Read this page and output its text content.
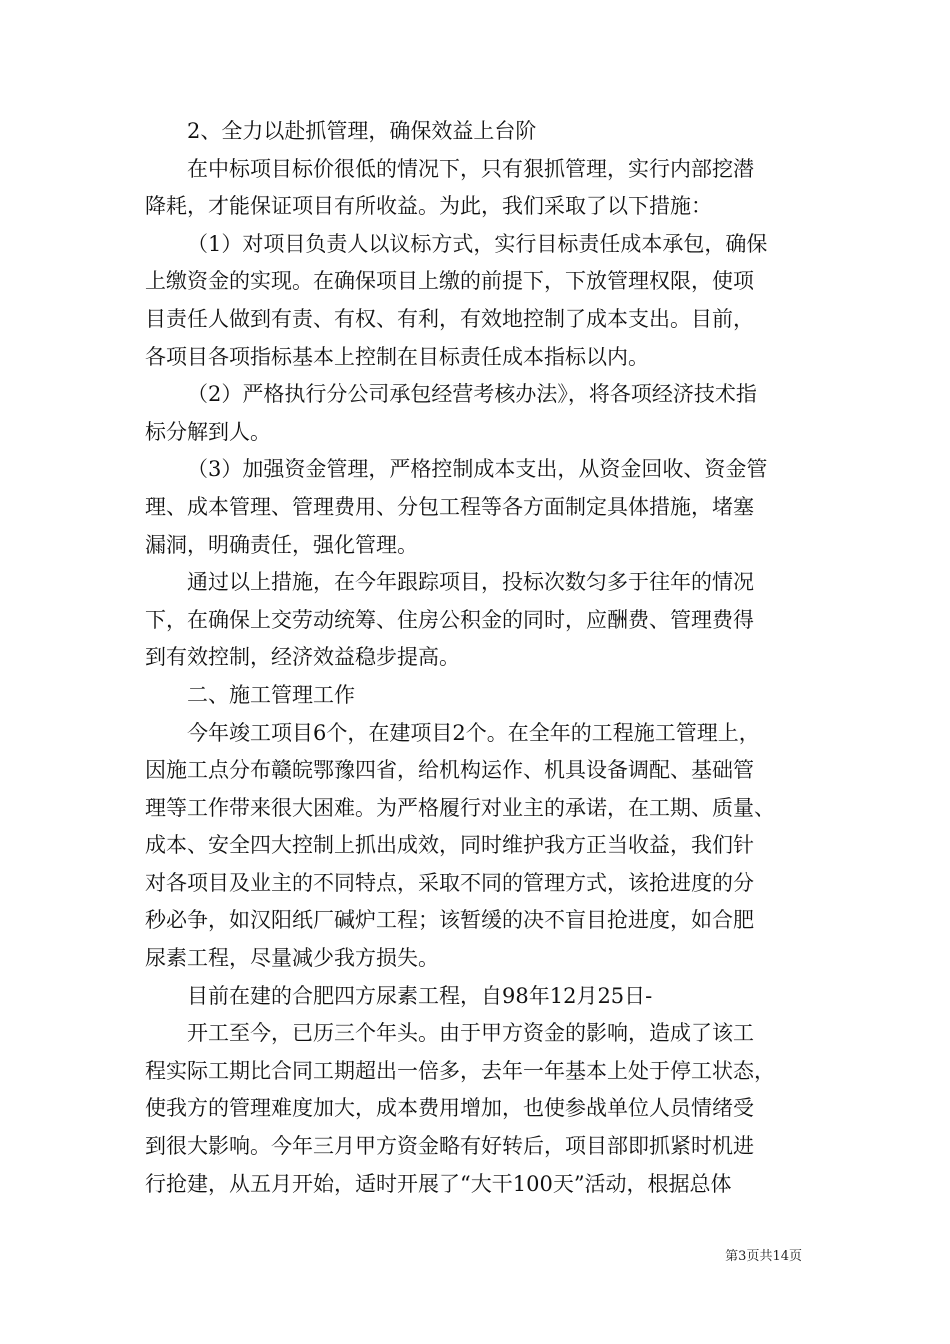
2、全力以赴抓管理，确保效益上台阶
在中标项目标价很低的情况下，只有狠抓管理，实行内部挖潜
降耗，才能保证项目有所收益。为此，我们采取了以下措施：
（1）对项目负责人以议标方式，实行目标责任成本承包，确保
上缴资金的实现。在确保项目上缴的前提下，下放管理权限，使项
目责任人做到有责、有权、有利，有效地控制了成本支出。目前，
各项目各项指标基本上控制在目标责任成本指标以内。
（2）严格执行分公司承包经营考核办法》，将各项经济技术指
标分解到人。
（3）加强资金管理，严格控制成本支出，从资金回收、资金管
理、成本管理、管理费用、分包工程等各方面制定具体措施，堵塞
漏洞，明确责任，强化管理。
通过以上措施，在今年跟踪项目，投标次数匀多于往年的情况
下，在确保上交劳动统筹、住房公积金的同时，应酬费、管理费得
到有效控制，经济效益稳步提高。
二、施工管理工作
今年竣工项目6个，在建项目2个。在全年的工程施工管理上，
因施工点分布赣皖鄂豫四省，给机构运作、机具设备调配、基础管
理等工作带来很大困难。为严格履行对业主的承诺，在工期、质量、
成本、安全四大控制上抓出成效，同时维护我方正当收益，我们针
对各项目及业主的不同特点，采取不同的管理方式，该抢进度的分
秒必争，如汉阳纸厂碱炉工程；该暂缓的决不盲目抢进度，如合肥
尿素工程，尽量减少我方损失。
目前在建的合肥四方尿素工程，自98年12月25日-
开工至今，已历三个年头。由于甲方资金的影响，造成了该工
程实际工期比合同工期超出一倍多，去年一年基本上处于停工状态，
使我方的管理难度加大，成本费用增加，也使参战单位人员情绪受
到很大影响。今年三月甲方资金略有好转后，项目部即抓紧时机进
行抢建，从五月开始，适时开展了“大干100天”活动，根据总体
第3页共14页
